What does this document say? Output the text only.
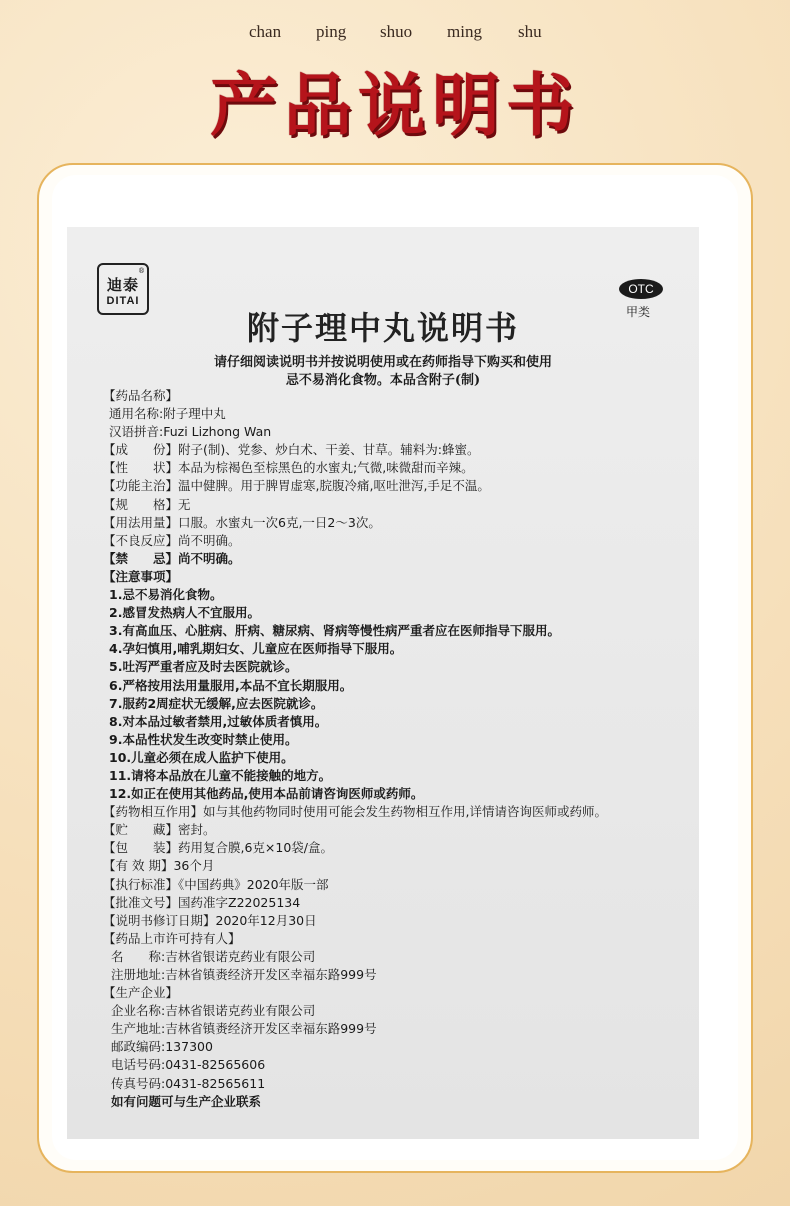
chan ping shuo ming shu
产品说明书
®
迪泰
DITAI
OTC
甲类
附子理中丸说明书
请仔细阅读说明书并按说明使用或在药师指导下购买和使用
忌不易消化食物。本品含附子(制)
【药品名称】
通用名称:附子理中丸
汉语拼音:Fuzi Lizhong Wan
【成　　份】附子(制)、党参、炒白术、干姜、甘草。辅料为:蜂蜜。
【性　　状】本品为棕褐色至棕黑色的水蜜丸;气微,味微甜而辛辣。
【功能主治】温中健脾。用于脾胃虚寒,脘腹冷痛,呕吐泄泻,手足不温。
【规　　格】无
【用法用量】口服。水蜜丸一次6克,一日2～3次。
【不良反应】尚不明确。
【禁　　忌】尚不明确。
【注意事项】
1.忌不易消化食物。
2.感冒发热病人不宜服用。
3.有高血压、心脏病、肝病、糖尿病、肾病等慢性病严重者应在医师指导下服用。
4.孕妇慎用,哺乳期妇女、儿童应在医师指导下服用。
5.吐泻严重者应及时去医院就诊。
6.严格按用法用量服用,本品不宜长期服用。
7.服药2周症状无缓解,应去医院就诊。
8.对本品过敏者禁用,过敏体质者慎用。
9.本品性状发生改变时禁止使用。
10.儿童必须在成人监护下使用。
11.请将本品放在儿童不能接触的地方。
12.如正在使用其他药品,使用本品前请咨询医师或药师。
【药物相互作用】如与其他药物同时使用可能会发生药物相互作用,详情请咨询医师或药师。
【贮　　藏】密封。
【包　　装】药用复合膜,6克×10袋/盒。
【有 效 期】36个月
【执行标准】《中国药典》2020年版一部
【批准文号】国药准字Z22025134
【说明书修订日期】2020年12月30日
【药品上市许可持有人】
名　　称:吉林省银诺克药业有限公司
注册地址:吉林省镇赉经济开发区幸福东路999号
【生产企业】
企业名称:吉林省银诺克药业有限公司
生产地址:吉林省镇赉经济开发区幸福东路999号
邮政编码:137300
电话号码:0431-82565606
传真号码:0431-82565611
如有问题可与生产企业联系
